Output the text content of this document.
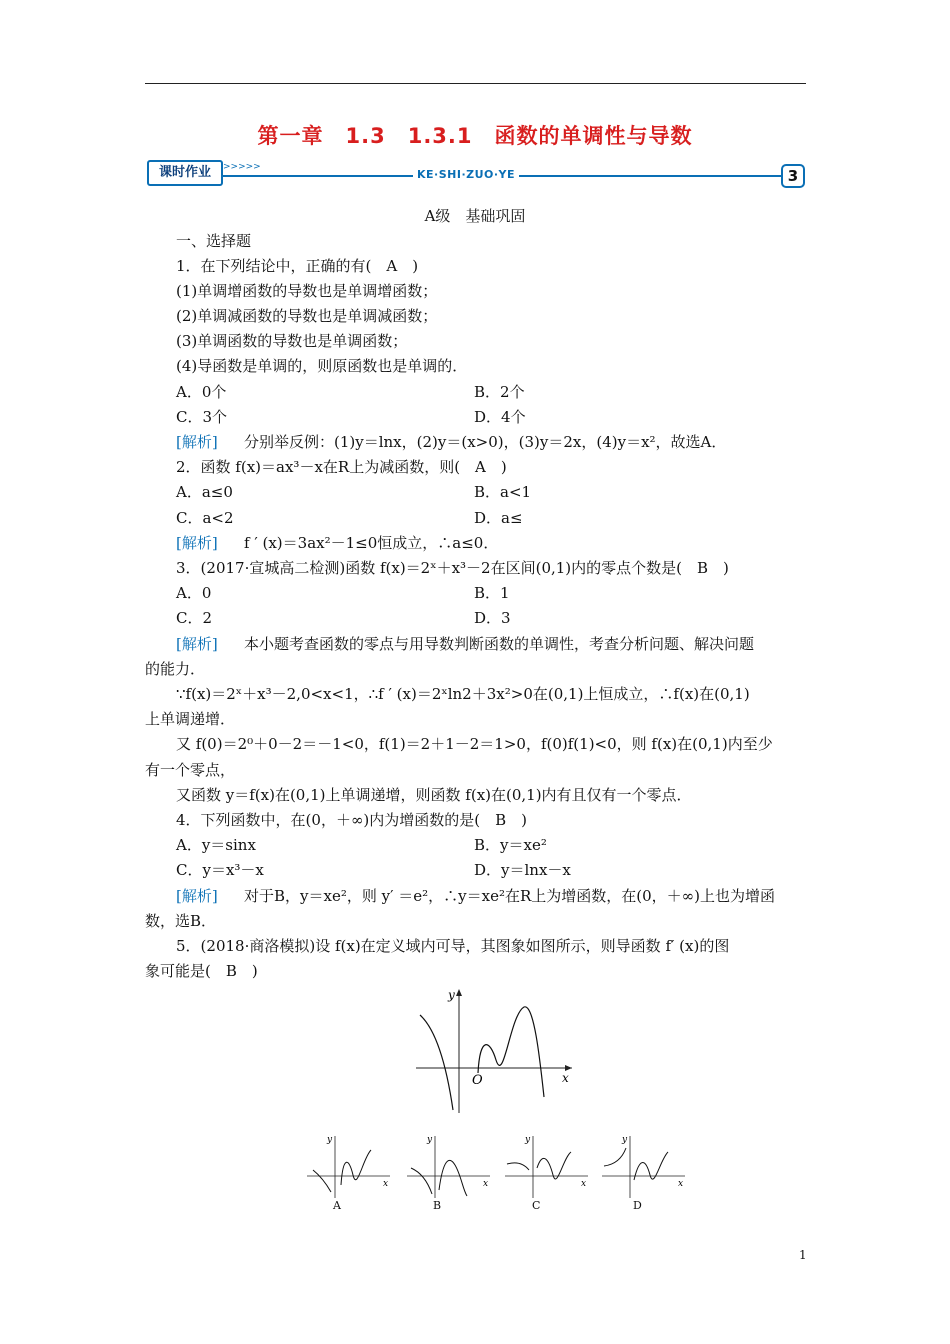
第一章　1.3　1.3.1　函数的单调性与导数
课时作业	>>>>>
KE·SHI·ZUO·YE	3
A级　基础巩固
一、选择题
1．在下列结论中，正确的有(　A　)
(1)单调增函数的导数也是单调增函数；
(2)单调减函数的导数也是单调减函数；
(3)单调函数的导数也是单调函数；
(4)导函数是单调的，则原函数也是单调的．
A．0个	B．2个
C．3个	D．4个
[解析] 分别举反例：(1)y＝lnx，(2)y＝(x>0)，(3)y＝2x，(4)y＝x²，故选A．
2．函数 f(x)＝ax³－x在R上为减函数，则(　A　)
A．a≤0	B．a<1
C．a<2	D．a≤
[解析] f ′ (x)＝3ax²－1≤0恒成立，∴a≤0．
3．(2017·宣城高二检测)函数 f(x)＝2ˣ＋x³－2在区间(0,1)内的零点个数是(　B　)
A．0	B．1
C．2	D．3
[解析] 本小题考查函数的零点与用导数判断函数的单调性，考查分析问题、解决问题
的能力．
∵f(x)＝2ˣ＋x³－2,0<x<1，∴f ′ (x)＝2ˣln2＋3x²>0在(0,1)上恒成立，∴f(x)在(0,1)
上单调递增．
又 f(0)＝2⁰＋0－2＝－1<0，f(1)＝2＋1－2＝1>0，f(0)f(1)<0，则 f(x)在(0,1)内至少
有一个零点，
又函数 y＝f(x)在(0,1)上单调递增，则函数 f(x)在(0,1)内有且仅有一个零点．
4．下列函数中，在(0，＋∞)内为增函数的是(　B　)
A．y＝sinx	B．y＝xe²
C．y＝x³－x	D．y＝lnx－x
[解析] 对于B，y＝xe²，则 y′ ＝e²，∴y＝xe²在R上为增函数，在(0，＋∞)上也为增函
数，选B．
5．(2018·商洛模拟)设 f(x)在定义域内可导，其图象如图所示，则导函数 f′ (x)的图
象可能是(　B　)
y
x
O
y
x
A
y
x
B
y
x
C
y
x
D
1
